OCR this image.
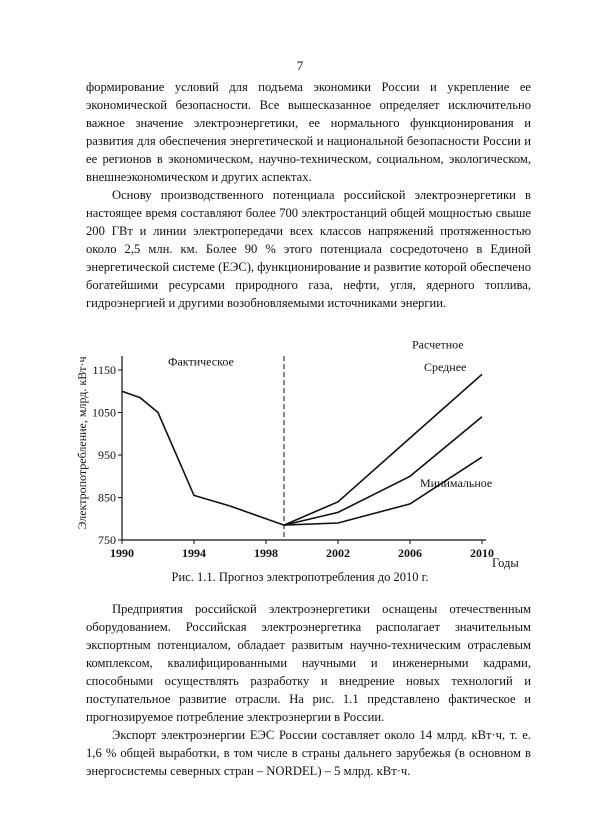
7

формирование условий для подъема экономики России и укрепление ее экономической безопасности. Все вышесказанное определяет исключительно важное значение электроэнергетики, ее нормального функционирования и развития для обеспечения энергетической и национальной безопасности России и ее регионов в экономическом, научно-техническом, социальном, экологическом, внешнеэкономическом и других аспектах.

Основу производственного потенциала российской электроэнергетики в настоящее время составляют более 700 электростанций общей мощностью свыше 200 ГВт и линии электропередачи всех классов напряжений протяженностью около 2,5 млн. км. Более 90 % этого потенциала сосредоточено в Единой энергетической системе (ЕЭС), функционирование и развитие которой обеспечено богатейшими ресурсами природного газа, нефти, угля, ядерного топлива, гидроэнергией и другими возобновляемыми источниками энергии.

1150
1050
950
850
750
1990	1994	1998	2002	2006	2010
Годы
Электропотребление, млрд. кВт·ч	Фактическое
Расчетное
Среднее
Минимальное
Рис. 1.1. Прогноз электропотребления до 2010 г.

Предприятия российской электроэнергетики оснащены отечественным оборудованием. Российская электроэнергетика располагает значительным экспортным потенциалом, обладает развитым научно-техническим отраслевым комплексом, квалифицированными научными и инженерными кадрами, способными осуществлять разработку и внедрение новых технологий и поступательное развитие отрасли. На рис. 1.1 представлено фактическое и прогнозируемое потребление электроэнергии в России.

Экспорт электроэнергии ЕЭС России составляет около 14 млрд. кВт·ч, т. е. 1,6 % общей выработки, в том числе в страны дальнего зарубежья (в основном в энергосистемы северных стран – NORDEL) – 5 млрд. кВт·ч.
